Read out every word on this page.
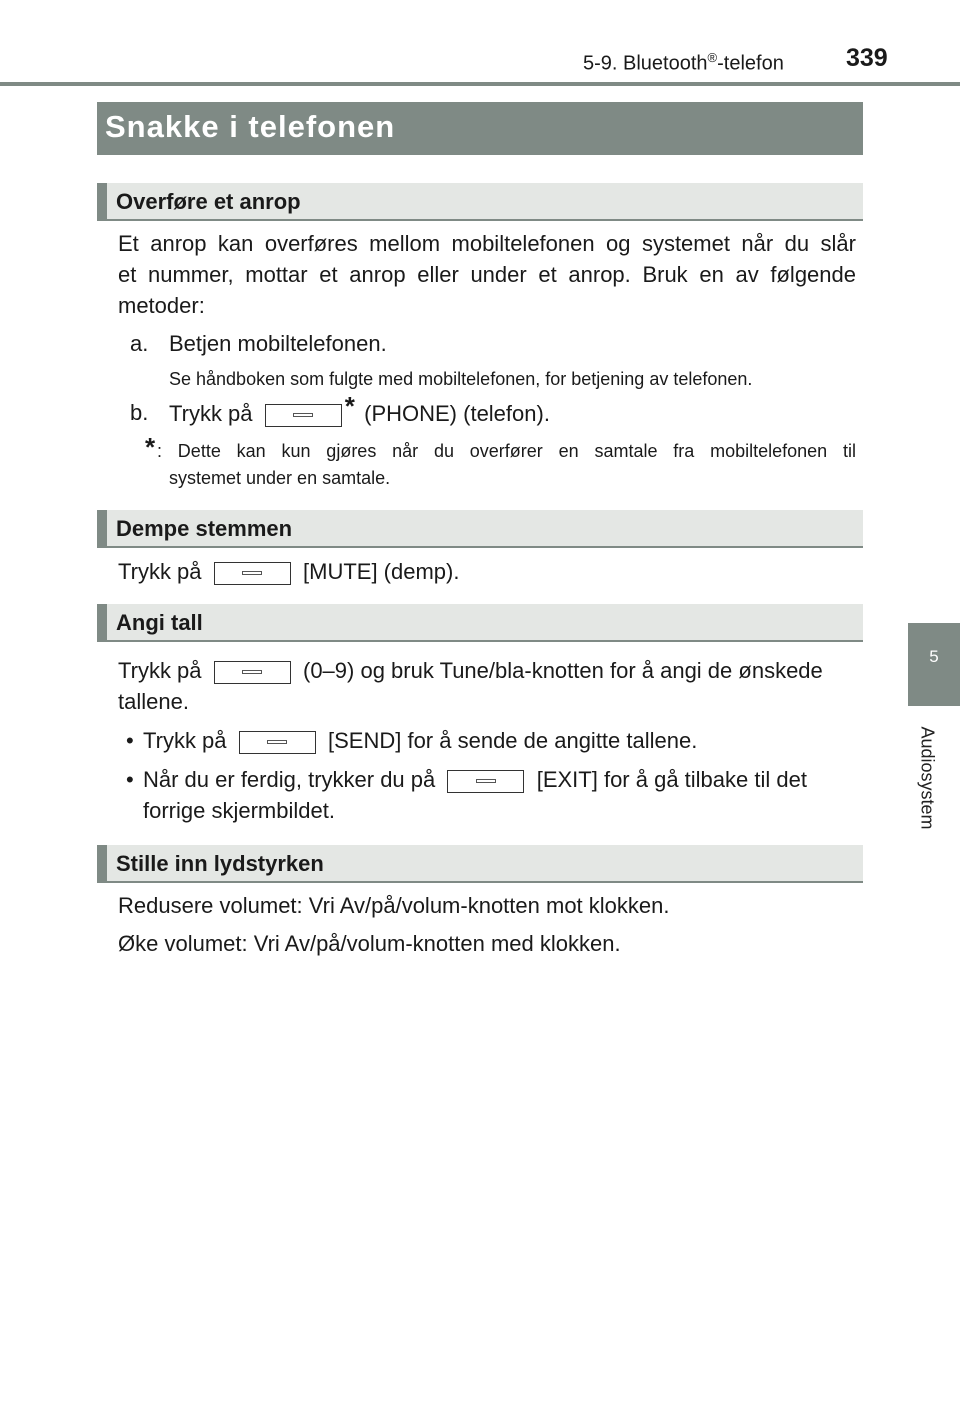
5-9. Bluetooth®-telefon 339
5
Audiosystem
Snakke i telefonen
Overføre et anrop
Et anrop kan overføres mellom mobiltelefonen og systemet når du slår
et nummer, mottar et anrop eller under et anrop. Bruk en av følgende
metoder:
a. Betjen mobiltelefonen.
Se håndboken som fulgte med mobiltelefonen, for betjening av telefonen.
b. Trykk på	* (PHONE) (telefon).
* : Dette kan kun gjøres når du overfører en samtale fra mobiltelefonen til
systemet under en samtale.
Dempe stemmen
Trykk på	[MUTE] (demp).
Angi tall
Trykk på	(0–9) og bruk Tune/bla-knotten for å angi de ønskede
tallene.
• Trykk på	[SEND] for å sende de angitte tallene.
• Når du er ferdig, trykker du på	[EXIT] for å gå tilbake til det
forrige skjermbildet.
Stille inn lydstyrken
Redusere volumet: Vri Av/på/volum-knotten mot klokken.
Øke volumet: Vri Av/på/volum-knotten med klokken.
